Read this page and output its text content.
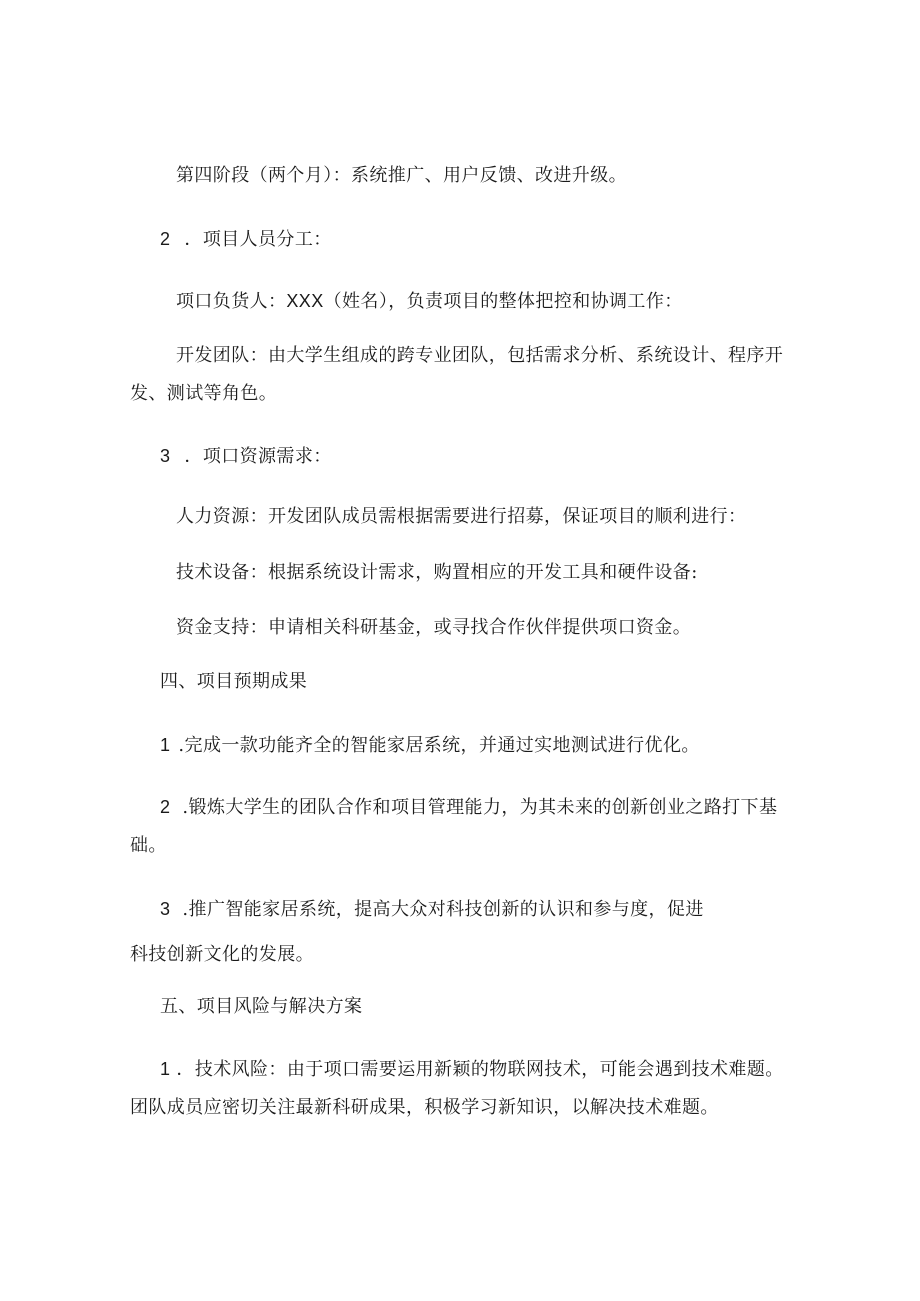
第四阶段（两个月）：系统推广、用户反馈、改进升级。
2 ．项目人员分工：
项口负货人：XXX（姓名），负责项目的整体把控和协调工作：
开发团队：由大学生组成的跨专业团队，包括需求分析、系统设计、程序开
发、测试等角色。
3 ．项口资源需求：
人力资源：开发团队成员需根据需要进行招募，保证项目的顺利进行：
技术设备：根据系统设计需求，购置相应的开发工具和硬件设备:
资金支持：申请相关科研基金，或寻找合作伙伴提供项口资金。
四、项目预期成果
1 .完成一款功能齐全的智能家居系统，并通过实地测试进行优化。
2 .锻炼大学生的团队合作和项目管理能力，为其未来的创新创业之路打下基
础。
3 .推广智能家居系统，提高大众对科技创新的认识和参与度，促进
科技创新文化的发展。
五、项目风险与解决方案
1 ．技术风险：由于项口需要运用新颖的物联网技术，可能会遇到技术难题。
团队成员应密切关注最新科研成果，积极学习新知识，以解决技术难题。
